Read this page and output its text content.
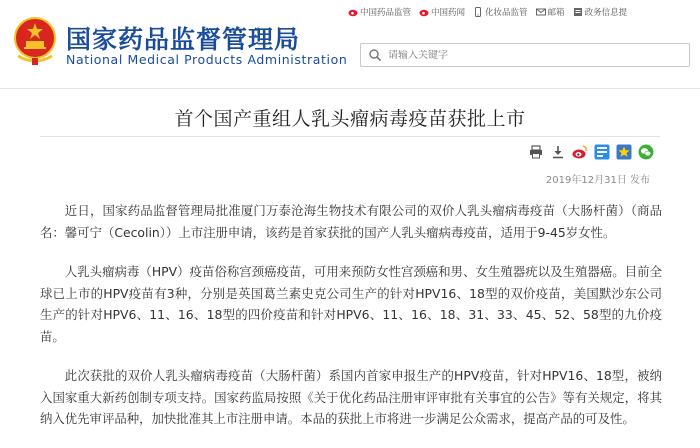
国家药品监督管理局
National Medical Products Administration
中国药品监管 中国药闻 化妆品监管 邮箱 政务信息提
请输入关键字
首个国产重组人乳头瘤病毒疫苗获批上市
2019年12月31日 发布

近日，国家药品监督管理局批准厦门万泰沧海生物技术有限公司的双价人乳头瘤病毒疫苗（大肠杆菌）（商品名：馨可宁（Cecolin））上市注册申请，该药是首家获批的国产人乳头瘤病毒疫苗，适用于9-45岁女性。

人乳头瘤病毒（HPV）疫苗俗称宫颈癌疫苗，可用来预防女性宫颈癌和男、女生殖器疣以及生殖器癌。目前全球已上市的HPV疫苗有3种，分别是英国葛兰素史克公司生产的针对HPV16、18型的双价疫苗，美国默沙东公司生产的针对HPV6、11、16、18型的四价疫苗和针对HPV6、11、16、18、31、33、45、52、58型的九价疫苗。

此次获批的双价人乳头瘤病毒疫苗（大肠杆菌）系国内首家申报生产的HPV疫苗，针对HPV16、18型，被纳入国家重大新药创制专项支持。国家药监局按照《关于优化药品注册审评审批有关事宜的公告》等有关规定，将其纳入优先审评品种，加快批准其上市注册申请。本品的获批上市将进一步满足公众需求，提高产品的可及性。
